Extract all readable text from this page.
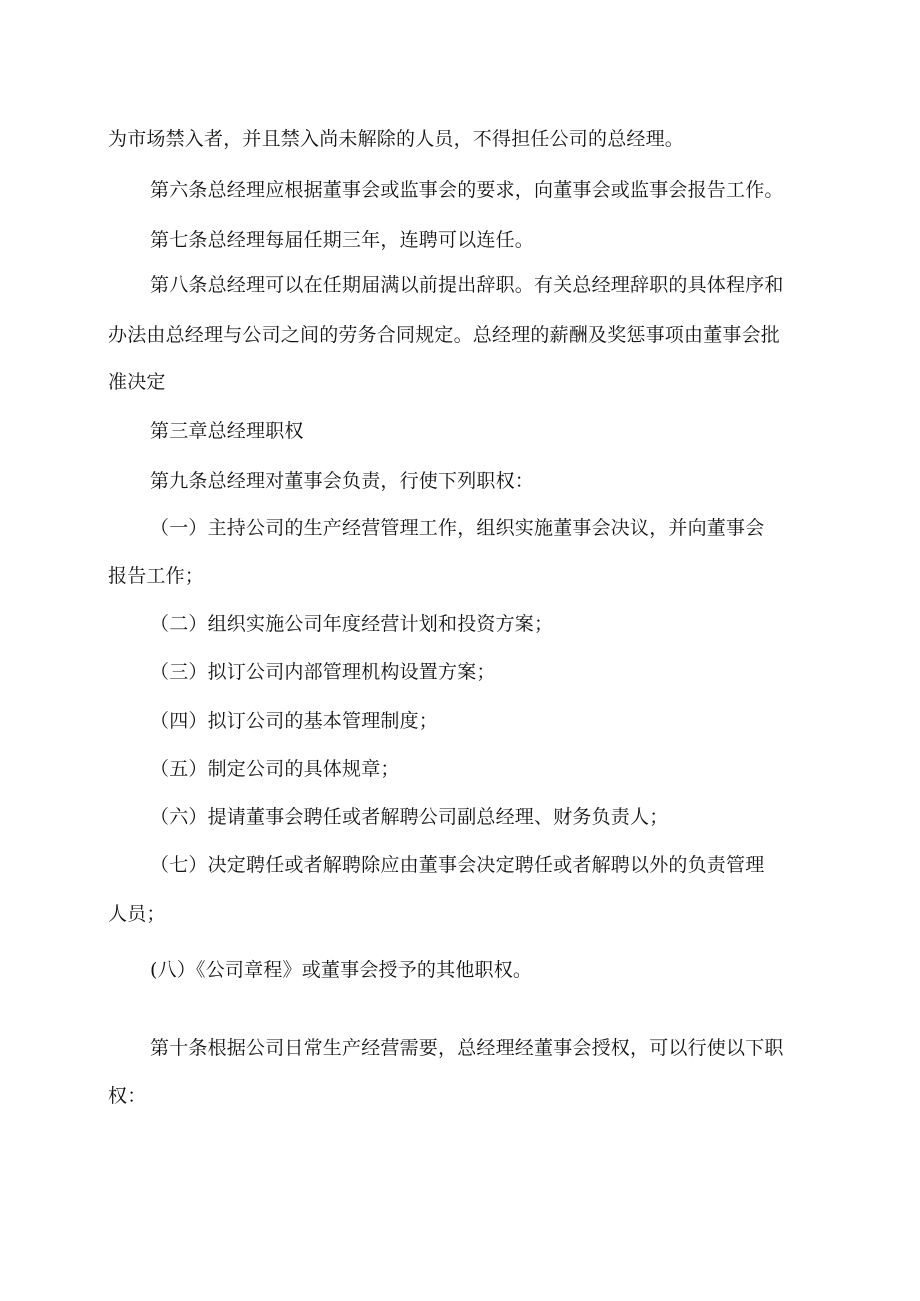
为市场禁入者，并且禁入尚未解除的人员，不得担任公司的总经理。
第六条总经理应根据董事会或监事会的要求，向董事会或监事会报告工作。
第七条总经理每届任期三年，连聘可以连任。
第八条总经理可以在任期届满以前提出辞职。有关总经理辞职的具体程序和
办法由总经理与公司之间的劳务合同规定。总经理的薪酬及奖惩事项由董事会批
准决定
第三章总经理职权
第九条总经理对董事会负责，行使下列职权：
（一）主持公司的生产经营管理工作，组织实施董事会决议，并向董事会
报告工作；
（二）组织实施公司年度经营计划和投资方案；
（三）拟订公司内部管理机构设置方案；
（四）拟订公司的基本管理制度；
（五）制定公司的具体规章；
（六）提请董事会聘任或者解聘公司副总经理、财务负责人；
（七）决定聘任或者解聘除应由董事会决定聘任或者解聘以外的负责管理
人员；
(八）《公司章程》或董事会授予的其他职权。
第十条根据公司日常生产经营需要，总经理经董事会授权，可以行使以下职
权：
